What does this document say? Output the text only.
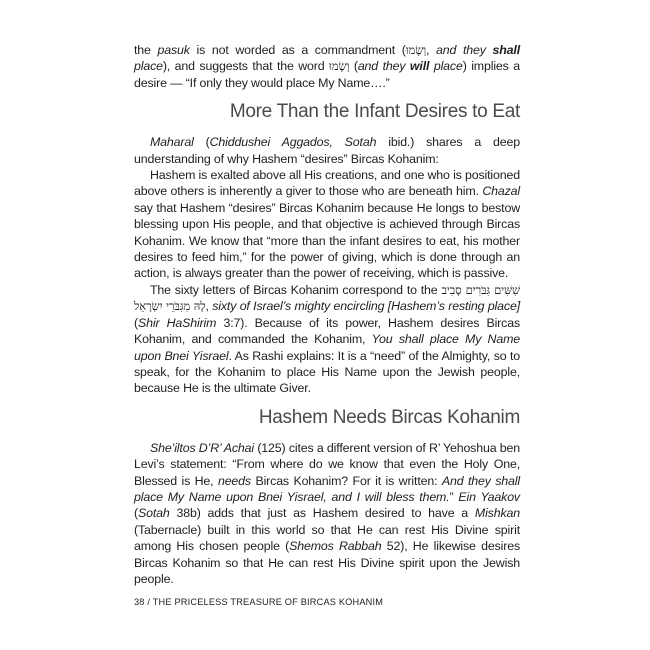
the pasuk is not worded as a commandment (וְשָׂמוּ, and they shall place), and suggests that the word וְשָׂמוּ (and they will place) implies a desire — “If only they would place My Name….”

More Than the Infant Desires to Eat

Maharal (Chiddushei Aggados, Sotah ibid.) shares a deep understanding of why Hashem “desires” Bircas Kohanim:

Hashem is exalted above all His creations, and one who is positioned above others is inherently a giver to those who are beneath him. Chazal say that Hashem “desires” Bircas Kohanim because He longs to bestow blessing upon His people, and that objective is achieved through Bircas Kohanim. We know that “more than the infant desires to eat, his mother desires to feed him,” for the power of giving, which is done through an action, is always greater than the power of receiving, which is passive.

The sixty letters of Bircas Kohanim correspond to the שִׁשִּׁים גִּבֹּרִים סָבִיב לָהּ מִגִּבֹּרֵי יִשְׂרָאֵל, sixty of Israel’s mighty encircling [Hashem’s resting place] (Shir HaShirim 3:7). Because of its power, Hashem desires Bircas Kohanim, and commanded the Kohanim, You shall place My Name upon Bnei Yisrael. As Rashi explains: It is a “need” of the Almighty, so to speak, for the Kohanim to place His Name upon the Jewish people, because He is the ultimate Giver.

Hashem Needs Bircas Kohanim

She’iltos D’R’ Achai (125) cites a different version of R’ Yehoshua ben Levi’s statement: “From where do we know that even the Holy One, Blessed is He, needs Bircas Kohanim? For it is written: And they shall place My Name upon Bnei Yisrael, and I will bless them.” Ein Yaakov (Sotah 38b) adds that just as Hashem desired to have a Mishkan (Tabernacle) built in this world so that He can rest His Divine spirit among His chosen people (Shemos Rabbah 52), He likewise desires Bircas Kohanim so that He can rest His Divine spirit upon the Jewish people.

38 / THE PRICELESS TREASURE OF BIRCAS KOHANIM
